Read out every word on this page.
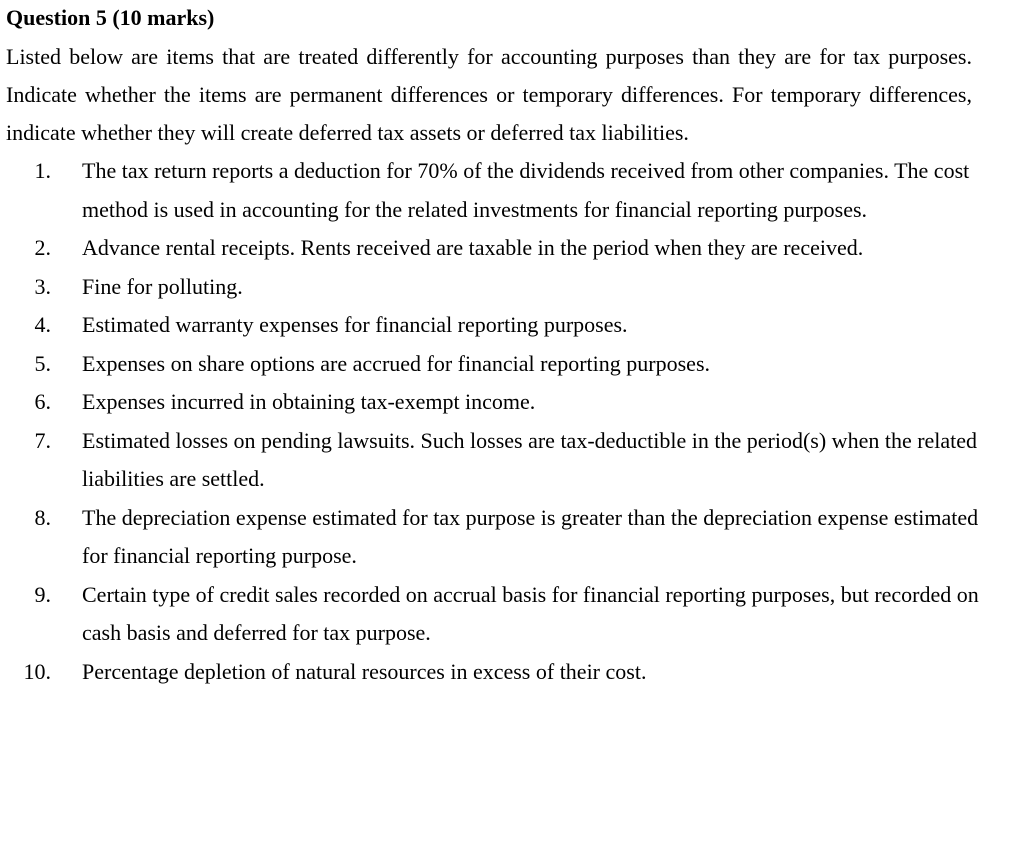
Question 5 (10 marks)

Listed below are items that are treated differently for accounting purposes than they are for tax purposes. Indicate whether the items are permanent differences or temporary differences. For temporary differences, indicate whether they will create deferred tax assets or deferred tax liabilities.

1. The tax return reports a deduction for 70% of the dividends received from other companies. The cost method is used in accounting for the related investments for financial reporting purposes.
2. Advance rental receipts. Rents received are taxable in the period when they are received.
3. Fine for polluting.
4. Estimated warranty expenses for financial reporting purposes.
5. Expenses on share options are accrued for financial reporting purposes.
6. Expenses incurred in obtaining tax-exempt income.
7. Estimated losses on pending lawsuits. Such losses are tax-deductible in the period(s) when the related liabilities are settled.
8. The depreciation expense estimated for tax purpose is greater than the depreciation expense estimated for financial reporting purpose.
9. Certain type of credit sales recorded on accrual basis for financial reporting purposes, but recorded on cash basis and deferred for tax purpose.
10. Percentage depletion of natural resources in excess of their cost.
